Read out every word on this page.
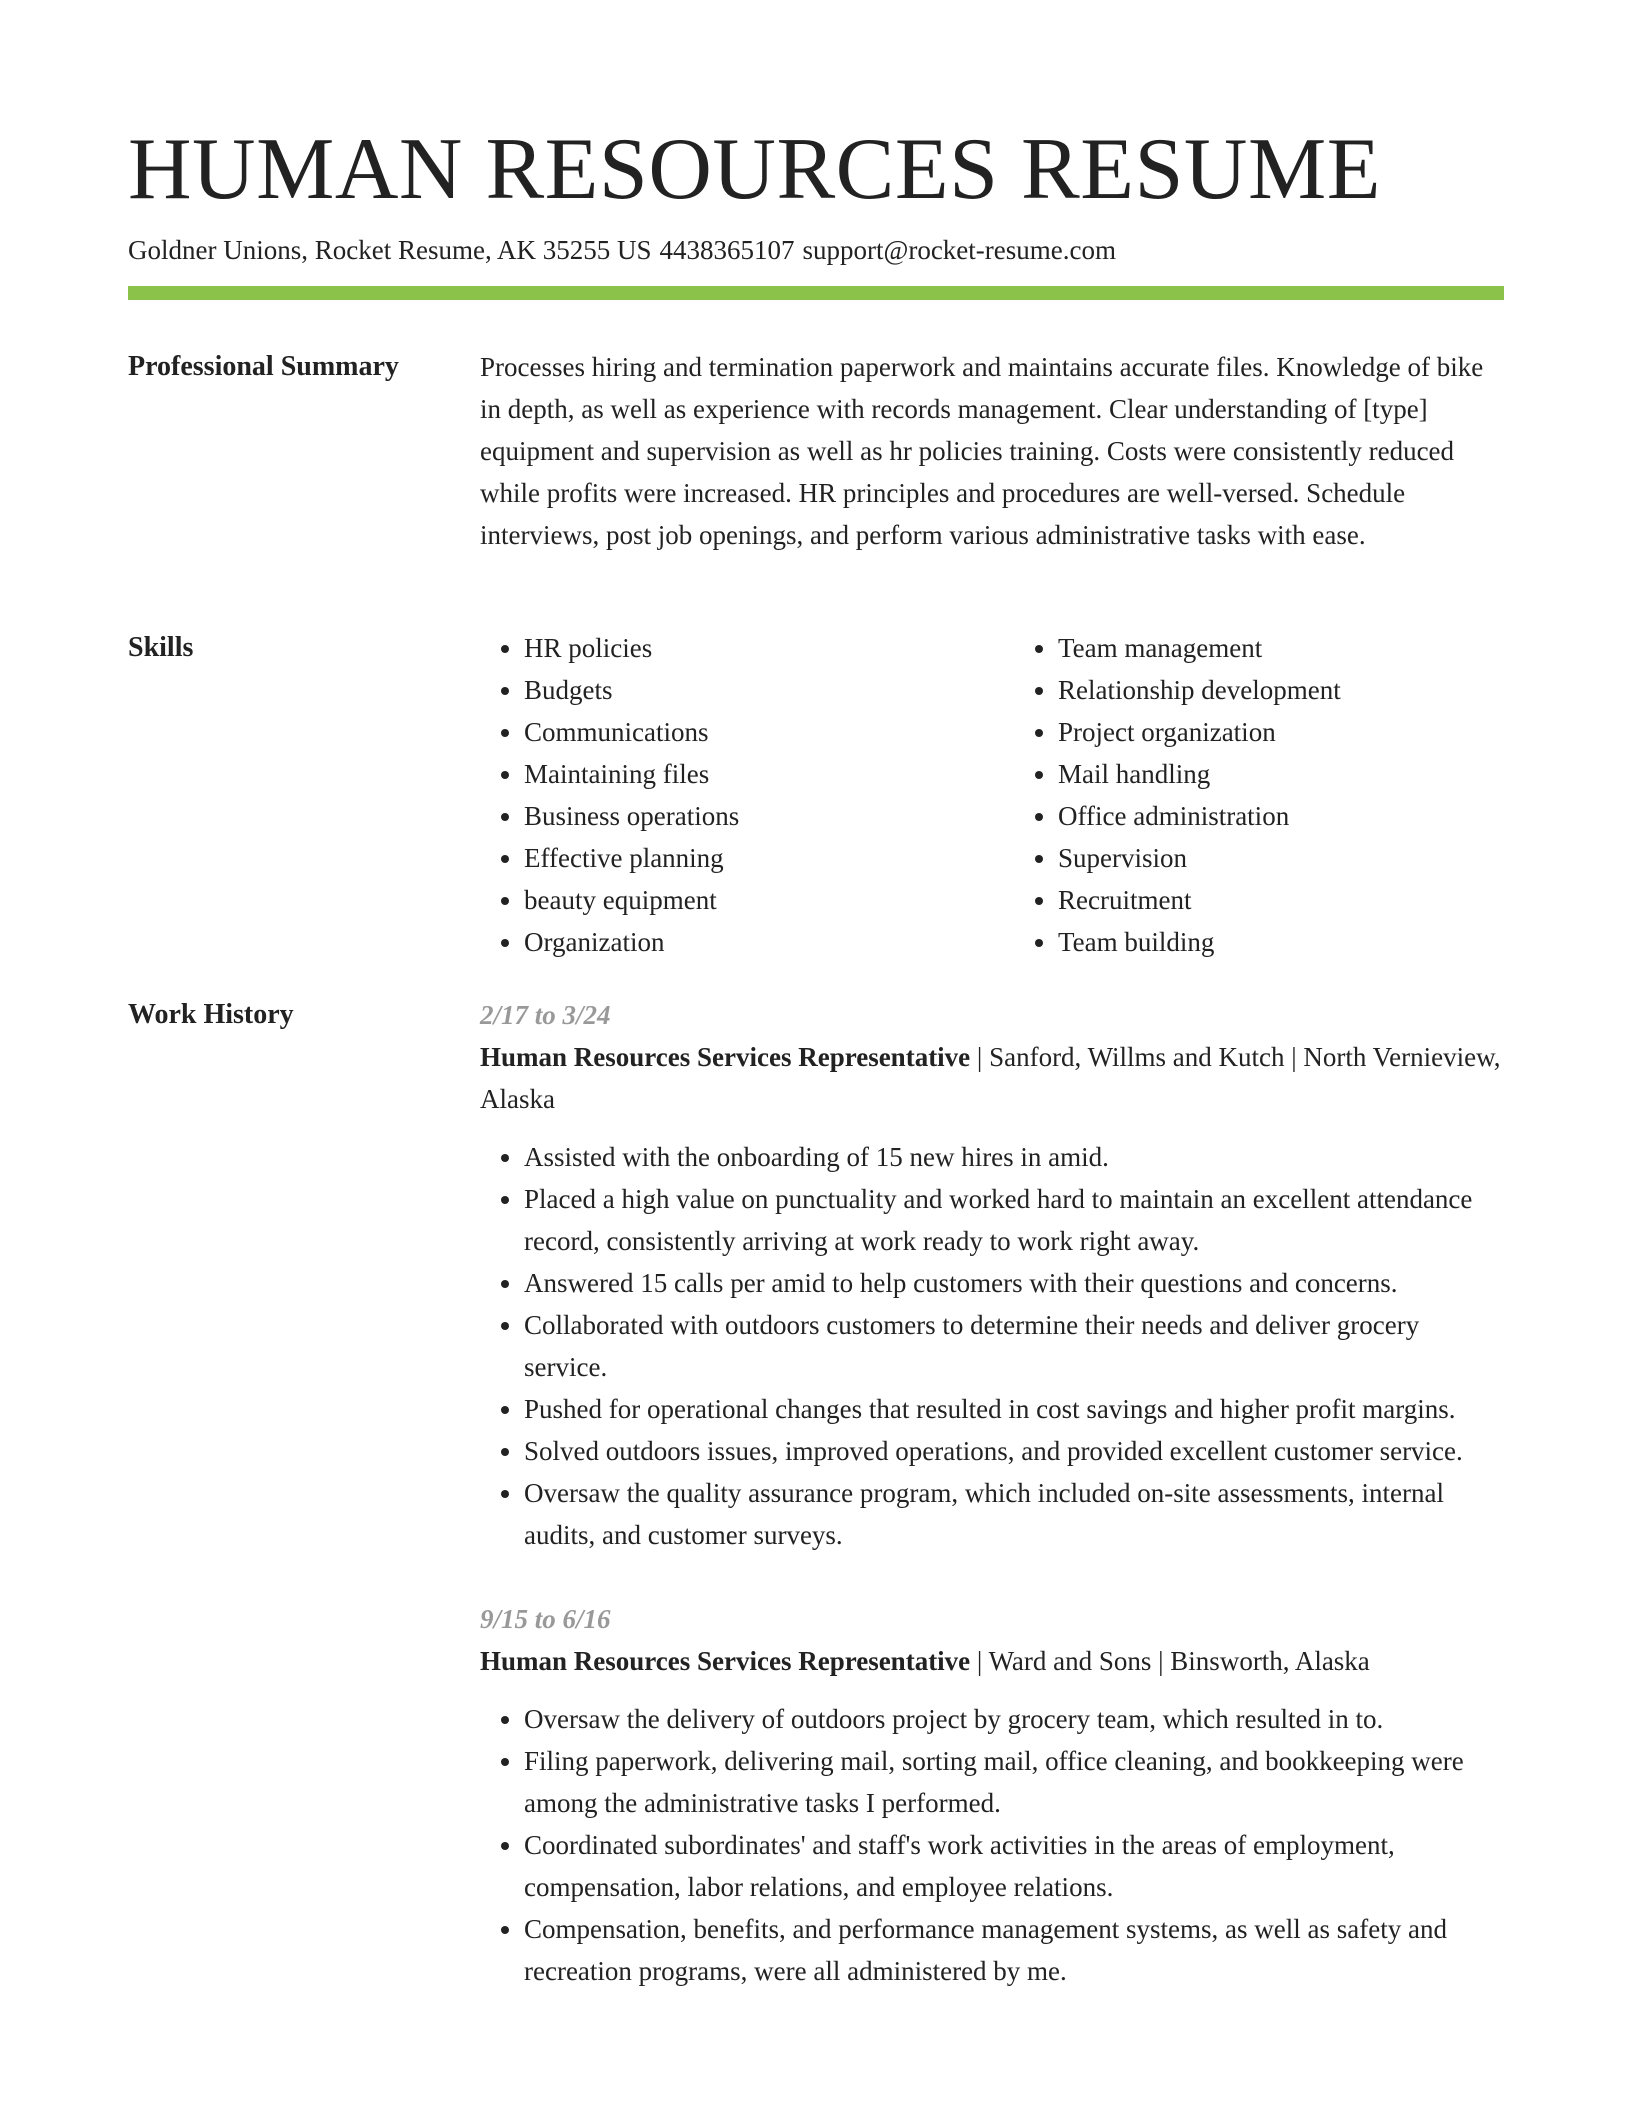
HUMAN RESOURCES RESUME
Goldner Unions, Rocket Resume, AK 35255 US 4438365107 support@rocket-resume.com
Professional Summary	Processes hiring and termination paperwork and maintains accurate files. Knowledge of bike in depth, as well as experience with records management. Clear understanding of [type] equipment and supervision as well as hr policies training. Costs were consistently reduced while profits were increased. HR principles and procedures are well-versed. Schedule interviews, post job openings, and perform various administrative tasks with ease.

Skills
•	HR policies
• Budgets
• Communications
• Maintaining files
• Business operations
• Effective planning
• beauty equipment
• Organization
• Team management
• Relationship development
• Project organization
• Mail handling
• Office administration
• Supervision
• Recruitment
• Team building
Work History	2/17 to 3/24
Human Resources Services Representative | Sanford, Willms and Kutch | North Vernieview, Alaska
• Assisted with the onboarding of 15 new hires in amid.
• Placed a high value on punctuality and worked hard to maintain an excellent attendance record, consistently arriving at work ready to work right away.
• Answered 15 calls per amid to help customers with their questions and concerns.
• Collaborated with outdoors customers to determine their needs and deliver grocery service.
• Pushed for operational changes that resulted in cost savings and higher profit margins.
• Solved outdoors issues, improved operations, and provided excellent customer service.
• Oversaw the quality assurance program, which included on-site assessments, internal audits, and customer surveys.
9/15 to 6/16
Human Resources Services Representative | Ward and Sons | Binsworth, Alaska
• Oversaw the delivery of outdoors project by grocery team, which resulted in to.
• Filing paperwork, delivering mail, sorting mail, office cleaning, and bookkeeping were among the administrative tasks I performed.
• Coordinated subordinates' and staff's work activities in the areas of employment, compensation, labor relations, and employee relations.
• Compensation, benefits, and performance management systems, as well as safety and recreation programs, were all administered by me.
